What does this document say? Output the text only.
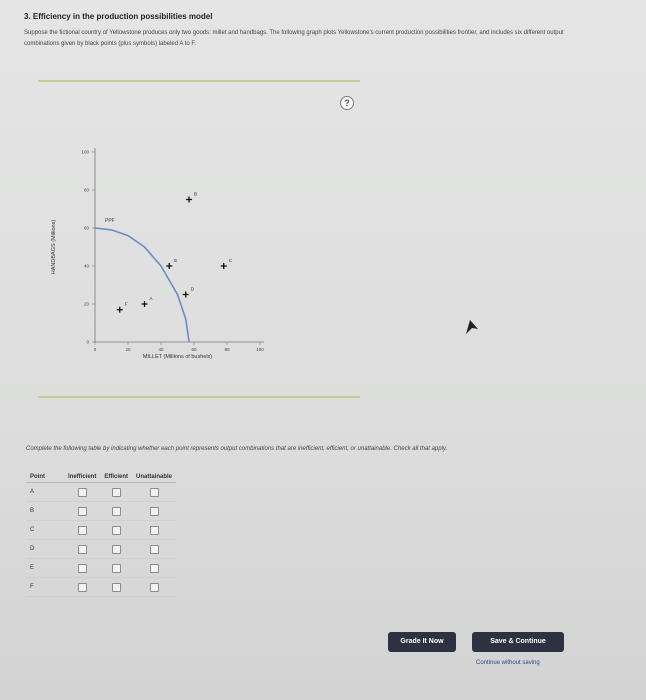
3. Efficiency in the production possibilities model
Suppose the fictional country of Yellowstone produces only two goods: millet and handbags. The following graph plots Yellowstone's current production possibilities frontier, and includes six different output combinations given by black points (plus symbols) labeled A to F.
?
0	20	40	60	80	100
0
20
40
60
80
100
MILLET (Millions of bushels)
HANDBAGS (Millions)	PPF
A
B
C
D
E
F
Complete the following table by indicating whether each point represents output combinations that are inefficient, efficient, or unattainable. Check all that apply.
Point	Inefficient	Efficient	Unattainable
A			
B			
C			
D			
E			
F			
Grade It Now	Save & Continue
Continue without saving
